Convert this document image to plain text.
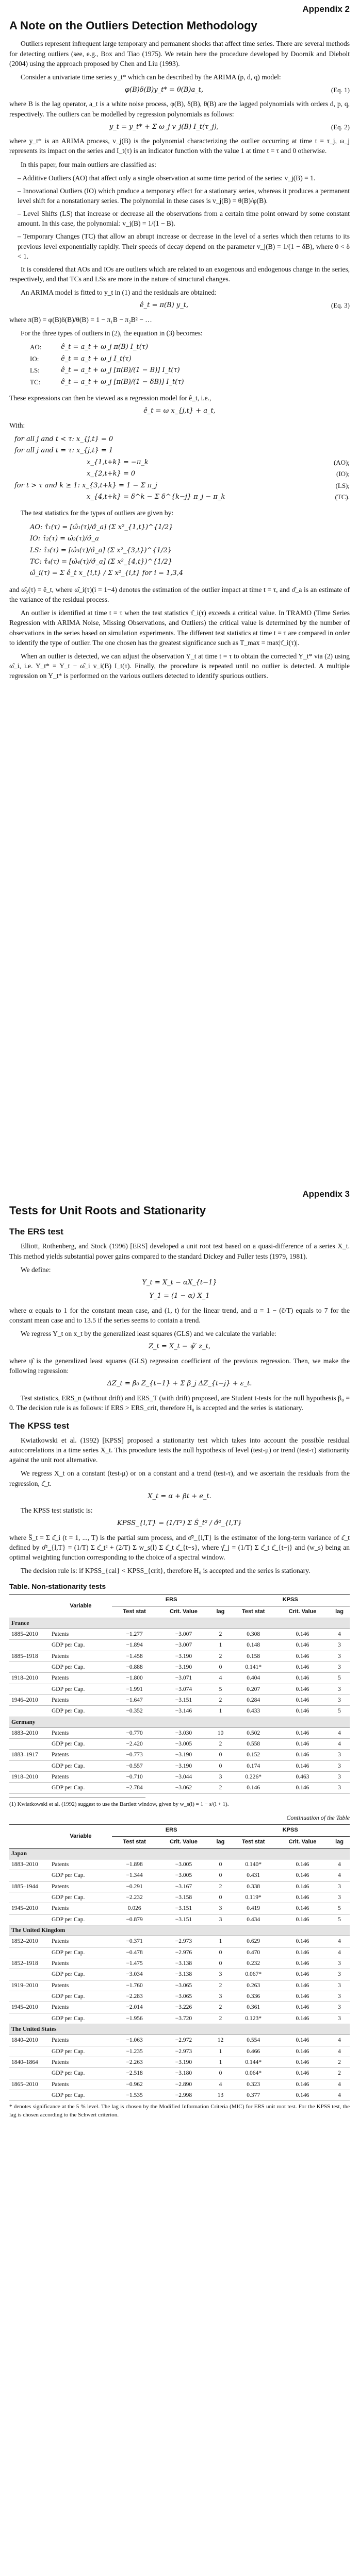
Appendix 2
A Note on the Outliers Detection Methodology

Outliers represent infrequent large temporary and permanent shocks that affect time series. There are several methods for detecting outliers (see, e.g., Box and Tiao (1975). We retain here the procedure developed by Doornik and Diebolt (2004) using the approach proposed by Chen and Liu (1993).

Consider a univariate time series y_t* which can be described by the ARIMA (p, d, q) model:

φ(B)δ(B)y_t* = θ(B)a_t,	(Eq. 1)

where B is the lag operator, a_t is a white noise process, φ(B), δ(B), θ(B) are the lagged polynomials with orders d, p, q, respectively. The outliers can be modelled by regression polynomials as follows:

y_t = y_t* + Σ ω_j v_j(B) I_t(τ_j),	(Eq. 2)

where y_t* is an ARIMA process, v_j(B) is the polynomial characterizing the outlier occurring at time t = τ_j, ω_j represents its impact on the series and I_t(τ) is an indicator function with the value 1 at time t = τ and 0 otherwise.

In this paper, four main outliers are classified as:

– Additive Outliers (AO) that affect only a single observation at some time period of the series: v_j(B) = 1.

– Innovational Outliers (IO) which produce a temporary effect for a stationary series, whereas it produces a permanent level shift for a nonstationary series. The polynomial in these cases is v_j(B) = θ(B)/φ(B).

– Level Shifts (LS) that increase or decrease all the observations from a certain time point onward by some constant amount. In this case, the polynomial: v_j(B) = 1/(1 − B).

– Temporary Changes (TC) that allow an abrupt increase or decrease in the level of a series which then returns to its previous level exponentially rapidly. Their speeds of decay depend on the parameter v_j(B) = 1/(1 − δB), where 0 < δ < 1.

It is considered that AOs and IOs are outliers which are related to an exogenous and endogenous change in the series, respectively, and that TCs and LSs are more in the nature of structural changes.

An ARIMA model is fitted to y_t in (1) and the residuals are obtained:

ê_t = π(B) y_t,	(Eq. 3)

where π(B) = φ(B)δ(B)/θ(B) = 1 − π₁B − π₂B² − …

For the three types of outliers in (2), the equation in (3) becomes:

AO:	ê_t = a_t + ω_j π(B) I_t(τ)
IO:	ê_t = a_t + ω_j I_t(τ)
LS:	ê_t = a_t + ω_j [π(B)/(1 − B)] I_t(τ)
TC:	ê_t = a_t + ω_j [π(B)/(1 − δB)] I_t(τ)

These expressions can then be viewed as a regression model for ê_t, i.e.,

ê_t = ω x_{j,t} + a_t,

With:

for all j and t < τ: x_{j,t} = 0
for all j and t = τ: x_{j,t} = 1
x_{1,t+k} = −π_k	(AO);
x_{2,t+k} = 0	(IO);
for t > τ and k ≥ 1: x_{3,t+k} = 1 − Σ π_j	(LS);
x_{4,t+k} = δ^k − Σ δ^{k−j} π_j − π_k	(TC).

The test statistics for the types of outliers are given by:

AO: τ̂₁(τ) = [ω̂₁(τ)/σ̂_a] (Σ x²_{1,t})^{1/2}
IO: τ̂₂(τ) = ω̂₂(τ)/σ̂_a
LS: τ̂₃(τ) = [ω̂₃(τ)/σ̂_a] (Σ x²_{3,t})^{1/2}
TC: τ̂₄(τ) = [ω̂₄(τ)/σ̂_a] (Σ x²_{4,t})^{1/2}
ω̂_i(τ) = Σ ê_t x_{i,t} / Σ x²_{i,t} for i = 1,3,4

and ω̂₂(τ) = ê_t, where ω̂_i(τ)(i = 1−4) denotes the estimation of the outlier impact at time t = τ, and σ̂_a is an estimate of the variance of the residual process.

An outlier is identified at time t = τ when the test statistics τ̂_i(τ) exceeds a critical value. In TRAMO (Time Series Regression with ARIMA Noise, Missing Observations, and Outliers) the critical value is determined by the number of observations in the series based on simulation experiments. The different test statistics at time t = τ are compared in order to identify the type of outlier. The one chosen has the greatest significance such as T_max = max|τ̂_i(τ)|.

When an outlier is detected, we can adjust the observation Y_t at time t = τ to obtain the corrected Y_t* via (2) using ω̂_i, i.e. Y_t* = Y_t − ω̂_i v_i(B) I_t(τ). Finally, the procedure is repeated until no outlier is detected. A multiple regression on Y_t* is performed on the various outliers detected to identify spurious outliers.

Appendix 3
Tests for Unit Roots and Stationarity
The ERS test

Elliott, Rothenberg, and Stock (1996) [ERS] developed a unit root test based on a quasi-difference of a series X_t. This method yields substantial power gains compared to the standard Dickey and Fuller tests (1979, 1981).

We define:

Y_t = X_t − αX_{t−1}
Y_1 = (1 − α) X_1

where α equals to 1 for the constant mean case, and (1, t) for the linear trend, and α = 1 − (c̄/T) equals to 7 for the constant mean case and to 13.5 if the series seems to contain a trend.

We regress Y_t on x_t by the generalized least squares (GLS) and we calculate the variable:

Z_t = X_t − ψ̂′ z_t,

where ψ̂ is the generalized least squares (GLS) regression coefficient of the previous regression. Then, we make the following regression:

ΔZ_t = β₀ Z_{t−1} + Σ β_j ΔZ_{t−j} + ε_t.

Test statistics, ERS_n (without drift) and ERS_T (with drift) proposed, are Student t-tests for the null hypothesis β₀ = 0. The decision rule is as follows: if ERS > ERS_crit, therefore H₀ is accepted and the series is stationary.

The KPSS test

Kwiatkowski et al. (1992) [KPSS] proposed a stationarity test which takes into account the possible residual autocorrelations in a time series X_t. This procedure tests the null hypothesis of level (test-μ) or trend (test-τ) stationarity against the unit root alternative.

We regress X_t on a constant (test-μ) or on a constant and a trend (test-τ), and we ascertain the residuals from the regression, ε̂_t.

X_t = α + βt + e_t.

The KPSS test statistic is:

KPSS_{l,T} = (1/T²) Σ Ŝ_t² / σ̂²_{l,T}

where Ŝ_t = Σ ε̂_i (t = 1, ..., T) is the partial sum process, and σ̂²_{l,T} is the estimator of the long-term variance of ε̂_t defined by σ̂²_{l,T} = (1/T) Σ ε̂_t² + (2/T) Σ w_s(l) Σ ε̂_t ε̂_{t−s}, where γ̂_j = (1/T) Σ ε̂_t ε̂_{t−j} and (w_s) being an optimal weighting function corresponding to the choice of a spectral window.

The decision rule is: if KPSS_{cal} < KPSS_{crit}, therefore H₀ is accepted and the series is stationary.

Table. Non-stationarity tests
	Variable	ERS			KPSS		
		Test stat	Crit. Value	lag	Test stat	Crit. Value	lag
France							
1885–2010	Patents	−1.277	−3.007	2	0.308	0.146	4
	GDP per Cap.	−1.894	−3.007	1	0.148	0.146	3
1885–1918	Patents	−1.458	−3.190	2	0.158	0.146	3
	GDP per Cap.	−0.888	−3.190	0	0.141*	0.146	3
1918–2010	Patents	−1.800	−3.071	4	0.404	0.146	5
	GDP per Cap.	−1.991	−3.074	5	0.207	0.146	3
1946–2010	Patents	−1.647	−3.151	2	0.284	0.146	3
	GDP per Cap.	−0.352	−3.146	1	0.433	0.146	5
Germany							
1883–2010	Patents	−0.770	−3.030	10	0.502	0.146	4
	GDP per Cap.	−2.420	−3.005	2	0.558	0.146	4
1883–1917	Patents	−0.773	−3.190	0	0.152	0.146	3
	GDP per Cap.	−0.557	−3.190	0	0.174	0.146	3
1918–2010	Patents	−0.710	−3.044	3	0.226*	0.463	3
	GDP per Cap.	−2.784	−3.062	2	0.146	0.146	3

(1) Kwiatkowski et al. (1992) suggest to use the Bartlett window, given by w_s(l) = 1 − s/(l + 1).

Continuation of the Table
	Variable	ERS			KPSS		
		Test stat	Crit. Value	lag	Test stat	Crit. Value	lag
Japan							
1883–2010	Patents	−1.898	−3.005	0	0.140*	0.146	4
	GDP per Cap.	−1.344	−3.005	0	0.431	0.146	4
1885–1944	Patents	−0.291	−3.167	2	0.338	0.146	3
	GDP per Cap.	−2.232	−3.158	0	0.119*	0.146	3
1945–2010	Patents	0.026	−3.151	3	0.419	0.146	5
	GDP per Cap.	−0.879	−3.151	3	0.434	0.146	5
The United Kingdom							
1852–2010	Patents	−0.371	−2.973	1	0.629	0.146	4
	GDP per Cap.	−0.478	−2.976	0	0.470	0.146	4
1852–1918	Patents	−1.475	−3.138	0	0.232	0.146	3
	GDP per Cap.	−3.034	−3.138	3	0.067*	0.146	3
1919–2010	Patents	−1.760	−3.065	2	0.263	0.146	3
	GDP per Cap.	−2.283	−3.065	3	0.336	0.146	3
1945–2010	Patents	−2.014	−3.226	2	0.361	0.146	3
	GDP per Cap.	−1.956	−3.720	2	0.123*	0.146	3
The United States							
1840–2010	Patents	−1.063	−2.972	12	0.554	0.146	4
	GDP per Cap.	−1.235	−2.973	1	0.466	0.146	4
1840–1864	Patents	−2.263	−3.190	1	0.144*	0.146	2
	GDP per Cap.	−2.518	−3.180	0	0.064*	0.146	2
1865–2010	Patents	−0.962	−2.890	4	0.323	0.146	4
	GDP per Cap.	−1.535	−2.998	13	0.377	0.146	4

* denotes significance at the 5 % level. The lag is chosen by the Modified Information Criteria (MIC) for ERS unit root test. For the KPSS test, the lag is chosen according to the Schwert criterion.
